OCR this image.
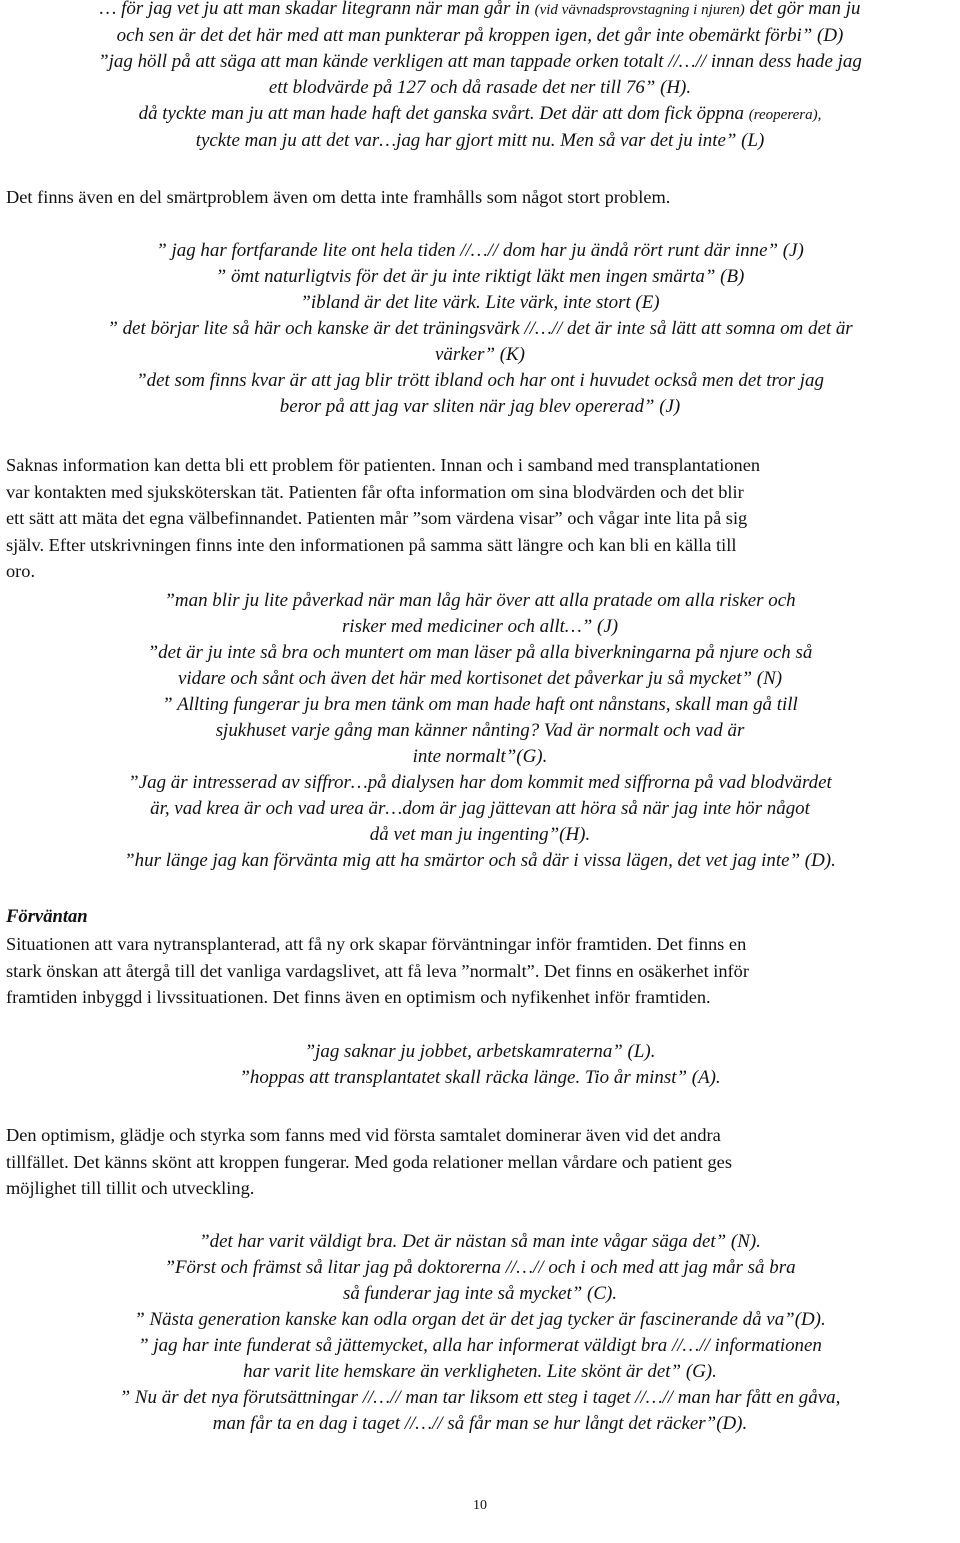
… för jag vet ju att man skadar litegrann när man går in (vid vävnadsprovstagning i njuren) det gör man ju
och sen är det det här med att man punkterar på kroppen igen, det går inte obemärkt förbi” (D)
”jag höll på att säga att man kände verkligen att man tappade orken totalt //…// innan dess hade jag
ett blodvärde på 127 och då rasade det ner till 76” (H).
då tyckte man ju att man hade haft det ganska svårt. Det där att dom fick öppna (reoperera),
tyckte man ju att det var…jag har gjort mitt nu. Men så var det ju inte” (L)

Det finns även en del smärtproblem även om detta inte framhålls som något stort problem.

” jag har fortfarande lite ont hela tiden //…// dom har ju ändå rört runt där inne” (J)
” ömt naturligtvis för det är ju inte riktigt läkt men ingen smärta” (B)
”ibland är det lite värk. Lite värk, inte stort (E)
” det börjar lite så här och kanske är det träningsvärk //…// det är inte så lätt att somna om det är
värker” (K)
”det som finns kvar är att jag blir trött ibland och har ont i huvudet också men det tror jag
beror på att jag var sliten när jag blev opererad” (J)

Saknas information kan detta bli ett problem för patienten. Innan och i samband med transplantationen
var kontakten med sjuksköterskan tät. Patienten får ofta information om sina blodvärden och det blir
ett sätt att mäta det egna välbefinnandet. Patienten mår ”som värdena visar” och vågar inte lita på sig
själv. Efter utskrivningen finns inte den informationen på samma sätt längre och kan bli en källa till
oro.

”man blir ju lite påverkad när man låg här över att alla pratade om alla risker och
risker med mediciner och allt…” (J)
”det är ju inte så bra och muntert om man läser på alla biverkningarna på njure och så
vidare och sånt och även det här med kortisonet det påverkar ju så mycket” (N)
” Allting fungerar ju bra men tänk om man hade haft ont nånstans, skall man gå till
sjukhuset varje gång man känner nånting? Vad är normalt och vad är
inte normalt”(G).
”Jag är intresserad av siffror…på dialysen har dom kommit med siffrorna på vad blodvärdet
är, vad krea är och vad urea är…dom är jag jättevan att höra så när jag inte hör något
då vet man ju ingenting”(H).
”hur länge jag kan förvänta mig att ha smärtor och så där i vissa lägen, det vet jag inte” (D).
Förväntan

Situationen att vara nytransplanterad, att få ny ork skapar förväntningar inför framtiden. Det finns en
stark önskan att återgå till det vanliga vardagslivet, att få leva ”normalt”. Det finns en osäkerhet inför
framtiden inbyggd i livssituationen. Det finns även en optimism och nyfikenhet inför framtiden.

”jag saknar ju jobbet, arbetskamraterna” (L).
”hoppas att transplantatet skall räcka länge. Tio år minst” (A).

Den optimism, glädje och styrka som fanns med vid första samtalet dominerar även vid det andra
tillfället. Det känns skönt att kroppen fungerar. Med goda relationer mellan vårdare och patient ges
möjlighet till tillit och utveckling.

”det har varit väldigt bra. Det är nästan så man inte vågar säga det” (N).
”Först och främst så litar jag på doktorerna //…// och i och med att jag mår så bra
så funderar jag inte så mycket” (C).
” Nästa generation kanske kan odla organ det är det jag tycker är fascinerande då va”(D).
” jag har inte funderat så jättemycket, alla har informerat väldigt bra //…// informationen
har varit lite hemskare än verkligheten. Lite skönt är det” (G).
” Nu är det nya förutsättningar //…// man tar liksom ett steg i taget //…// man har fått en gåva,
man får ta en dag i taget //…// så får man se hur långt det räcker”(D).
10
